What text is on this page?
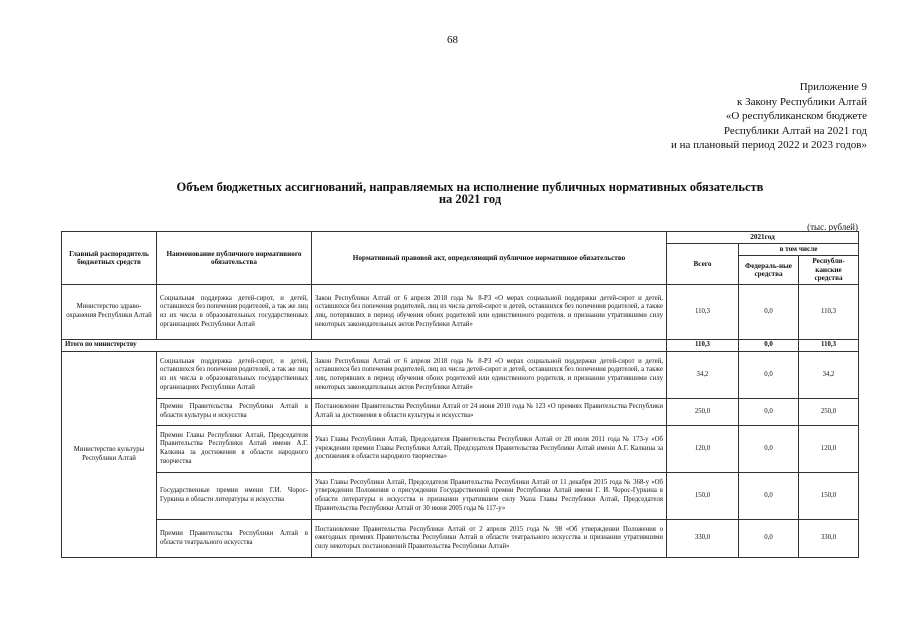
68
Приложение 9
к Закону Республики Алтай
«О республиканском бюджете
Республики Алтай на 2021 год
и на плановый период 2022 и 2023 годов»
Объем бюджетных ассигнований, направляемых на исполнение публичных нормативных обязательств
на 2021 год
(тыс. рублей)
Главный распорядитель бюджетных средств	Наименование публичного нормативного обязательства	Нормативный правовой акт, определяющий публичное нормативное обязательство	2021год		
			Всего	в том числе	
				Федераль-ные средства	Республи-канские средства
Министерство здраво-охранения Республики Алтай	Социальная поддержка детей-сирот, и детей, оставшихся без попечения родителей, а так же лиц из их числа в образовательных государственных организациях Республики Алтай	Закон Республики Алтай от 6 апреля 2018 года № 8-РЗ «О мерах социальной поддержки детей-сирот и детей, оставшихся без попечения родителей, лиц из числа детей-сирот и детей, оставшихся без попечения родителей, а также лиц, потерявших в период обучения обоих родителей или единственного родителя, и признании утратившими силу некоторых законодательных актов Республики Алтай»	110,3	0,0	110,3
Итого по министерству			110,3	0,0	110,3
Министерство культуры Республики Алтай	Социальная поддержка детей-сирот, и детей, оставшихся без попечения родителей, а так же лиц из их числа в образовательных государственных организациях Республики Алтай	Закон Республики Алтай от 6 апреля 2018 года № 8-РЗ «О мерах социальной поддержки детей-сирот и детей, оставшихся без попечения родителей, лиц из числа детей-сирот и детей, оставшихся без попечения родителей, а также лиц, потерявших в период обучения обоих родителей или единственного родителя, и признании утратившими силу некоторых законодательных актов Республики Алтай»	34,2	0,0	34,2
	Премии Правительства Республики Алтай в области культуры и искусства	Постановление Правительства Республики Алтай от 24 июня 2010 года № 123 «О премиях Правительства Республики Алтай за достижения в области культуры и искусства»	250,0	0,0	250,0
	Премии Главы Республики Алтай, Председателя Правительства Республики Алтай имени А.Г. Калкина за достижения в области народного творчества	Указ Главы Республики Алтай, Председателя Правительства Республики Алтай от 28 июля 2011 года № 173-у «Об учреждении премии Главы Республики Алтай, Председателя Правительства Республики Алтай имени А.Г. Калкина за достижения в области народного творчества»	120,0	0,0	120,0
	Государственные премии имени Г.И. Чорос-Гуркина в области литературы и искусства	Указ Главы Республики Алтай, Председателя Правительства Республики Алтай от 11 декабря 2015 года № 368-у «Об утверждении Положения о присуждении Государственной премии Республики Алтай имени Г. И. Чорос-Гуркина в области литературы и искусства и признании утратившим силу Указа Главы Республики Алтай, Председателя Правительства Республики Алтай от 30 июня 2005 года № 117-у»	150,0	0,0	150,0
	Премии Правительства Республики Алтай в области театрального искусства	Постановление Правительства Республики Алтай от 2 апреля 2015 года № 98 «Об утверждении Положения о ежегодных премиях Правительства Республики Алтай в области театрального искусства и признании утратившими силу некоторых постановлений Правительства Республики Алтай»	330,0	0,0	330,0
